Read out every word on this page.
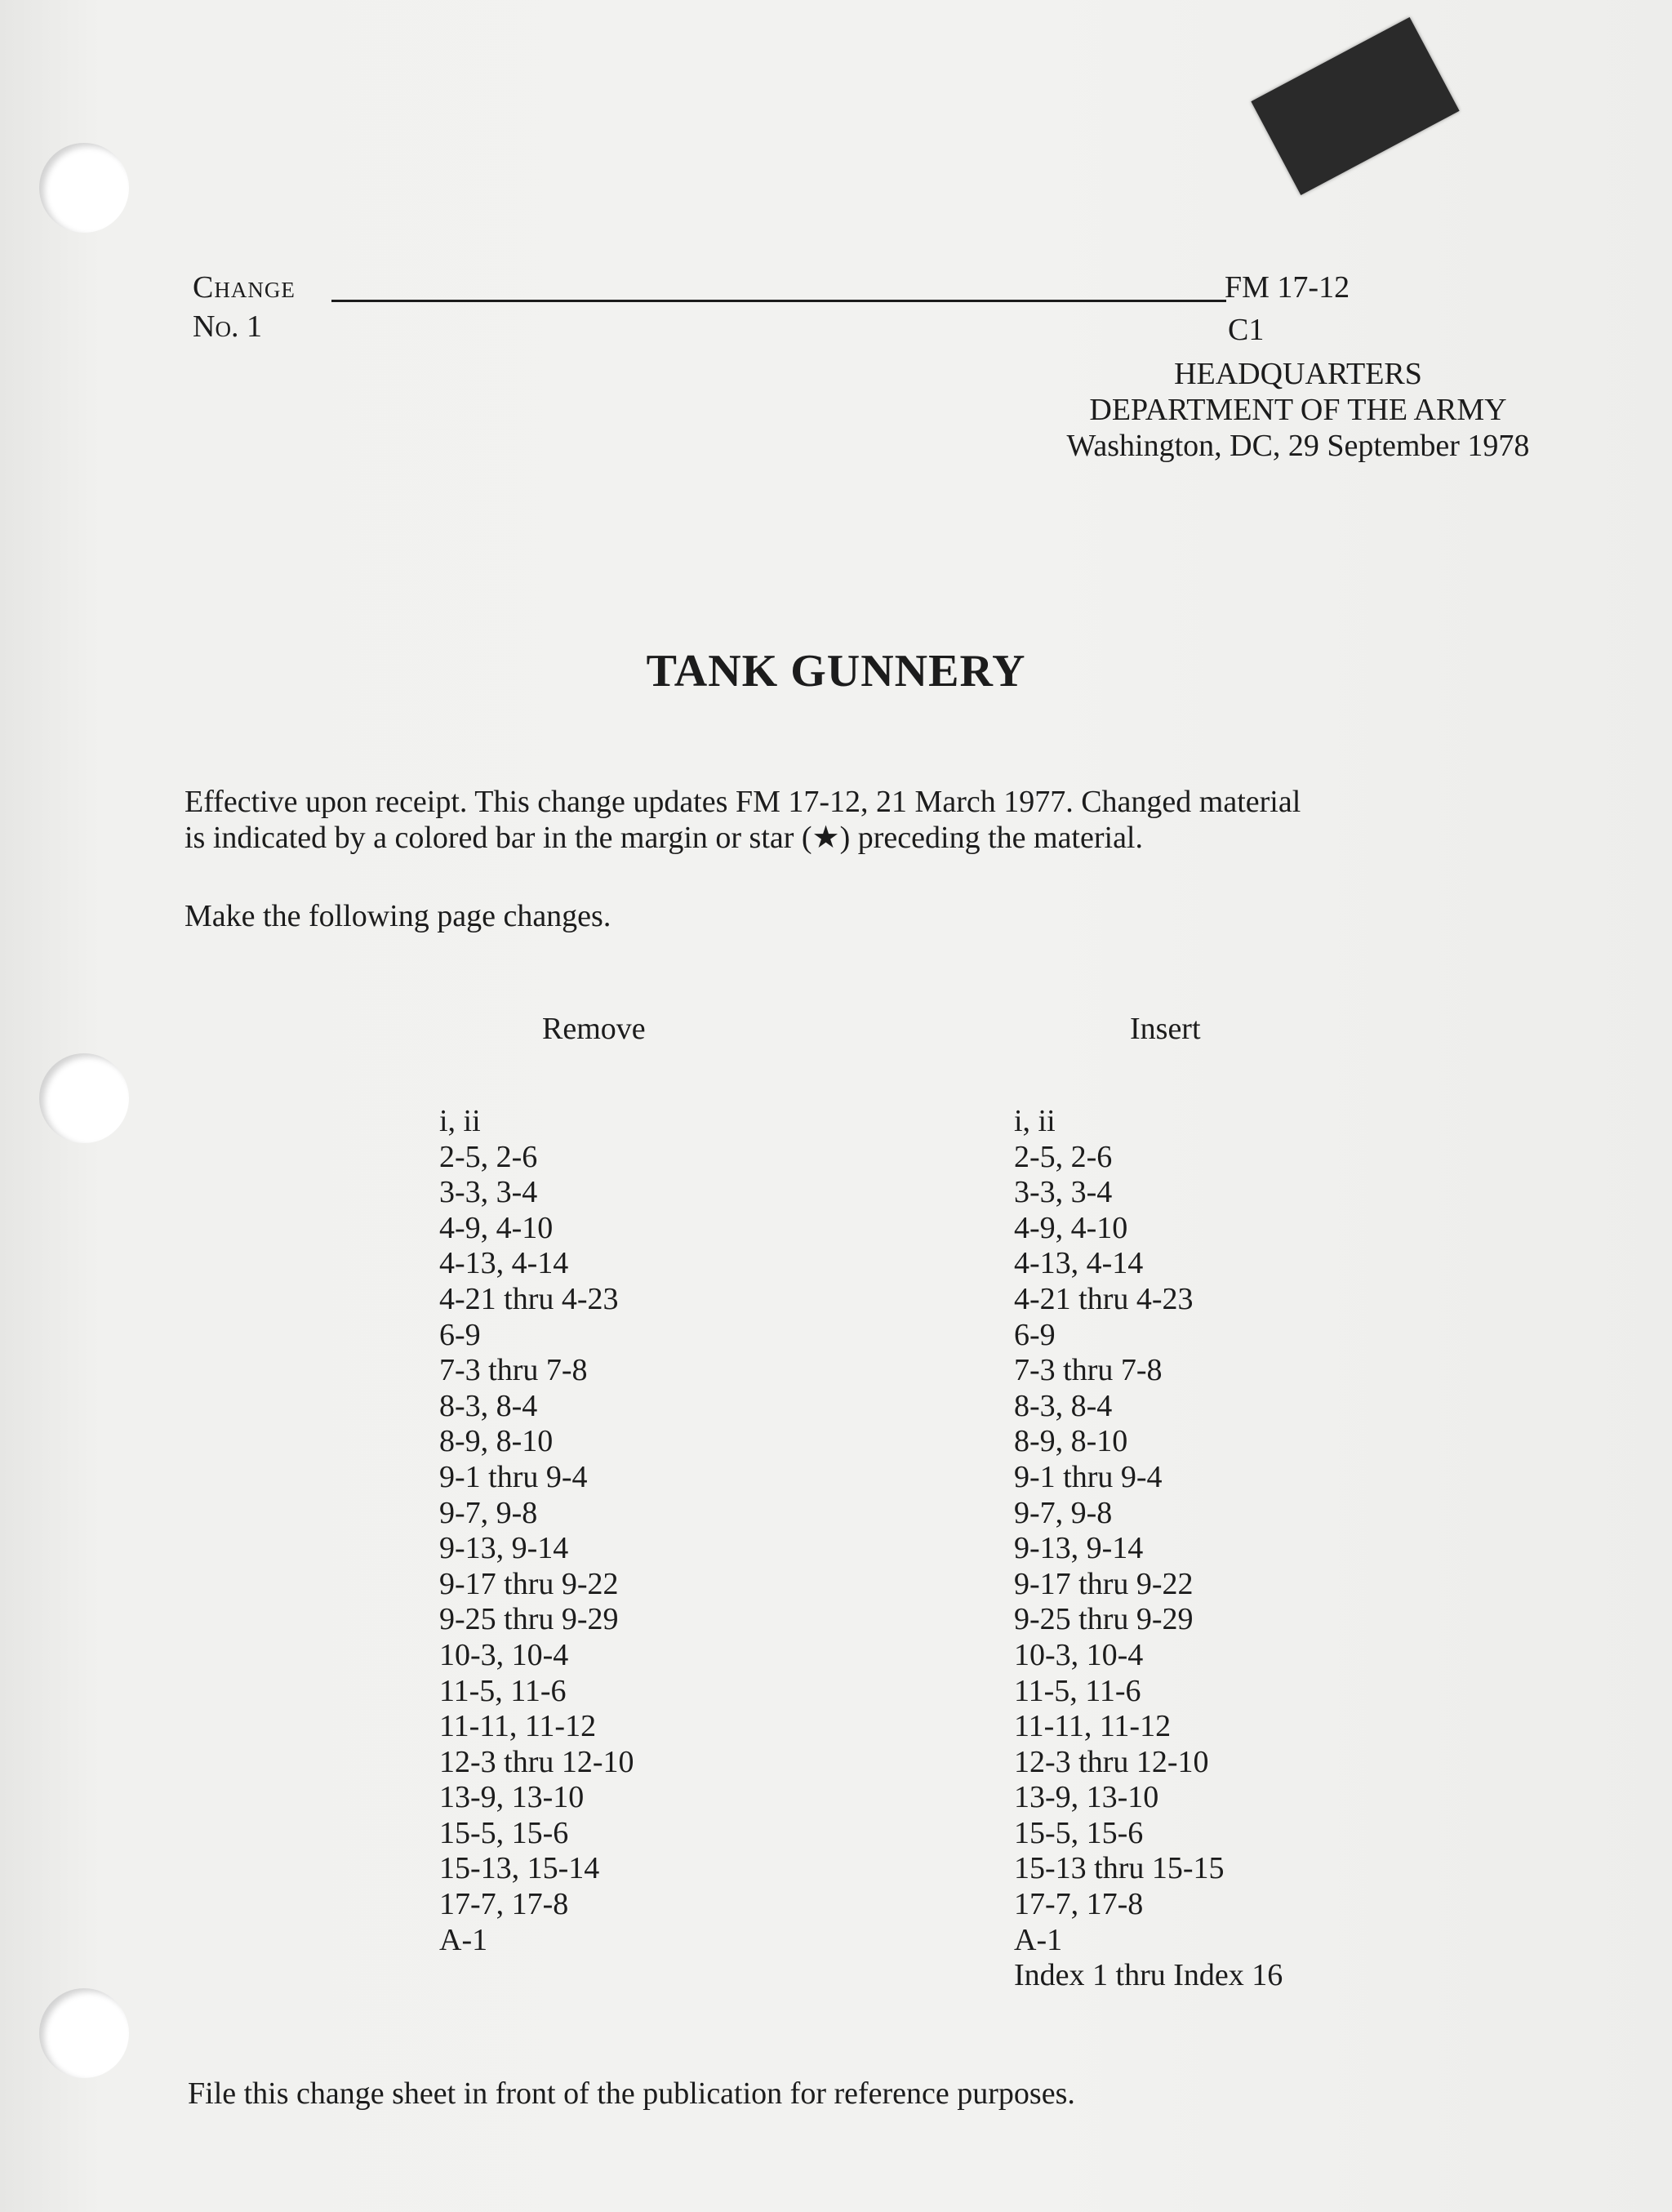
Change
No. 1
FM 17-12
C1
HEADQUARTERS
DEPARTMENT OF THE ARMY
Washington, DC, 29 September 1978
TANK GUNNERY
Effective upon receipt. This change updates FM 17-12, 21 March 1977. Changed material
is indicated by a colored bar in the margin or star (★) preceding the material.
Make the following page changes.
Remove	Insert
i, ii
2-5, 2-6
3-3, 3-4
4-9, 4-10
4-13, 4-14
4-21 thru 4-23
6-9
7-3 thru 7-8
8-3, 8-4
8-9, 8-10
9-1 thru 9-4
9-7, 9-8
9-13, 9-14
9-17 thru 9-22
9-25 thru 9-29
10-3, 10-4
11-5, 11-6
11-11, 11-12
12-3 thru 12-10
13-9, 13-10
15-5, 15-6
15-13, 15-14
17-7, 17-8
A-1
i, ii
2-5, 2-6
3-3, 3-4
4-9, 4-10
4-13, 4-14
4-21 thru 4-23
6-9
7-3 thru 7-8
8-3, 8-4
8-9, 8-10
9-1 thru 9-4
9-7, 9-8
9-13, 9-14
9-17 thru 9-22
9-25 thru 9-29
10-3, 10-4
11-5, 11-6
11-11, 11-12
12-3 thru 12-10
13-9, 13-10
15-5, 15-6
15-13 thru 15-15
17-7, 17-8
A-1
Index 1 thru Index 16
File this change sheet in front of the publication for reference purposes.
